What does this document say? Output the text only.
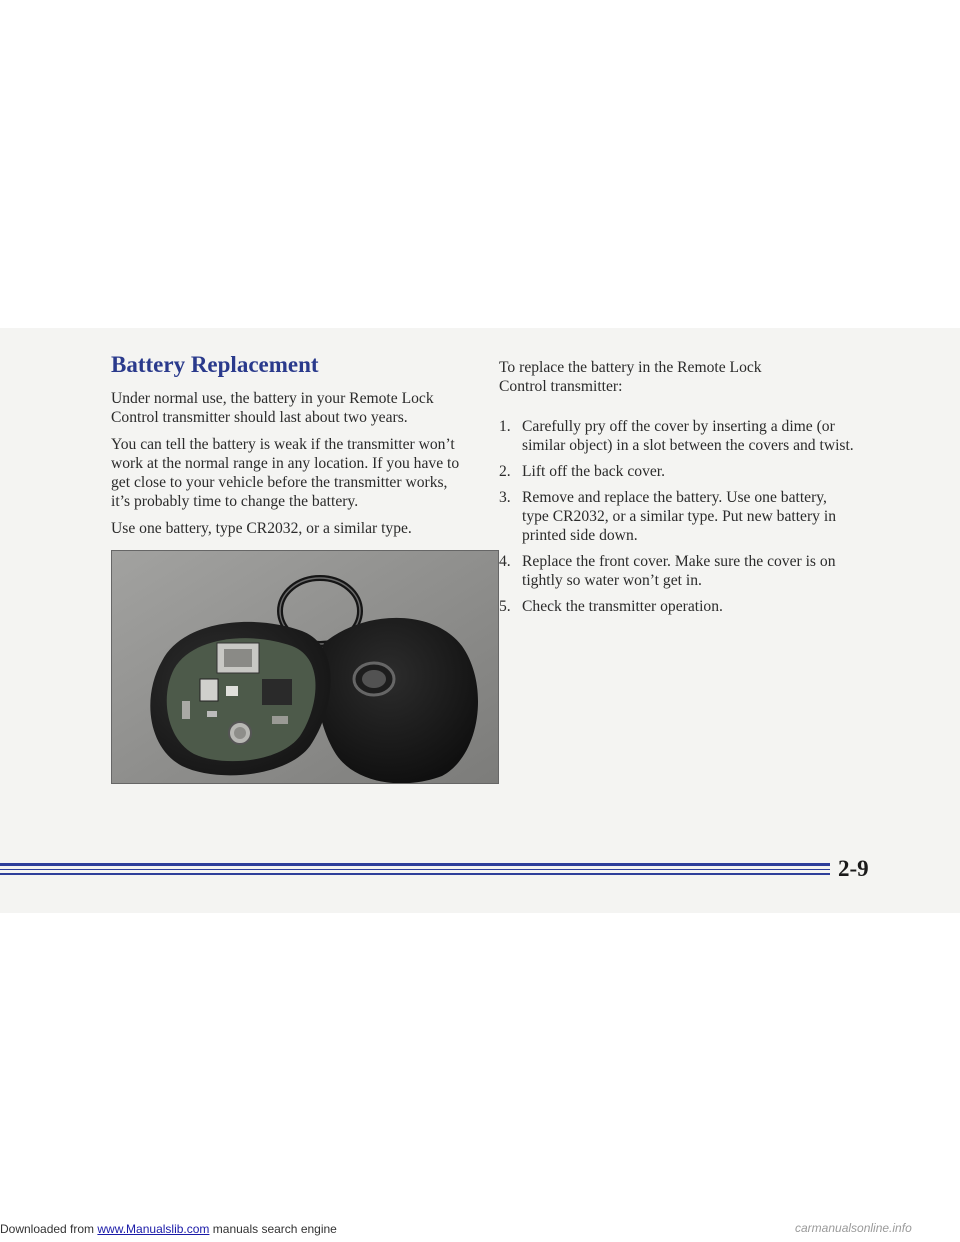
Battery Replacement

Under normal use, the battery in your Remote Lock

Control transmitter should last about two years.

You can tell the battery is weak if the transmitter won’t

work at the normal range in any location. If you have to

get close to your vehicle before the transmitter works,

it’s probably time to change the battery.

Use one battery, type CR2032, or a similar type.

To replace the battery in the Remote Lock

Control transmitter:

1. Carefully pry off the cover by inserting a dime (or
similar object) in a slot between the covers and twist.
2. Lift off the back cover.
3. Remove and replace the battery. Use one battery,
type CR2032, or a similar type. Put new battery in
printed side down.
4. Replace the front cover. Make sure the cover is on
tightly so water won’t get in.
5. Check the transmitter operation.
2-9
Downloaded from www.Manualslib.com manuals search engine	carmanualsonline.info
